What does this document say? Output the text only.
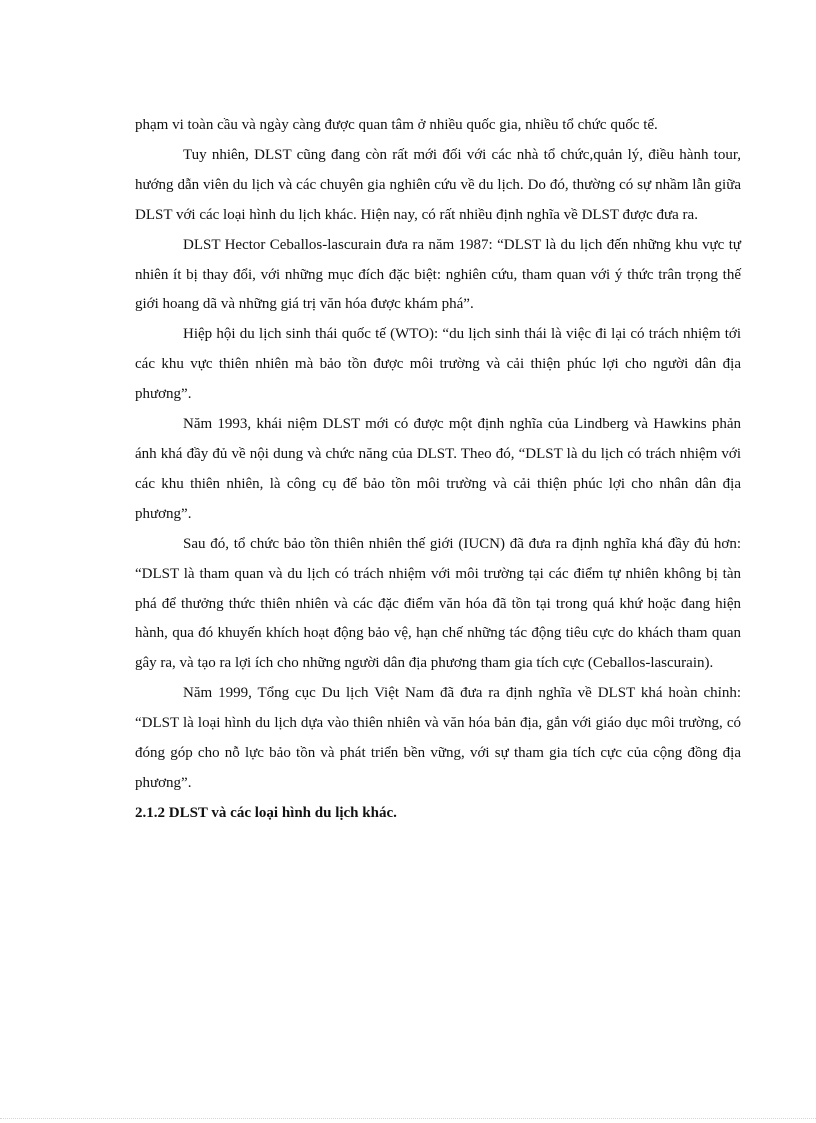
phạm vi toàn cầu và ngày càng được quan tâm ở nhiều quốc gia, nhiều tổ chức quốc tế.

Tuy nhiên, DLST cũng đang còn rất mới đối với các nhà tổ chức,quản lý, điều hành tour, hướng dẫn viên du lịch và các chuyên gia nghiên cứu về du lịch. Do đó, thường có sự nhầm lẫn giữa DLST với các loại hình du lịch khác. Hiện nay, có rất nhiều định nghĩa về DLST được đưa ra.

DLST Hector Ceballos-lascurain đưa ra năm 1987: “DLST là du lịch đến những khu vực tự nhiên ít bị thay đổi, với những mục đích đặc biệt: nghiên cứu, tham quan với ý thức trân trọng thế giới hoang dã và những giá trị văn hóa được khám phá”.

Hiệp hội du lịch sinh thái quốc tế (WTO): “du lịch sinh thái là việc đi lại có trách nhiệm tới các khu vực thiên nhiên mà bảo tồn được môi trường và cải thiện phúc lợi cho người dân địa phương”.

Năm 1993, khái niệm DLST mới có được một định nghĩa của Lindberg và Hawkins phản ánh khá đầy đủ về nội dung và chức năng của DLST. Theo đó, “DLST là du lịch có trách nhiệm với các khu thiên nhiên, là công cụ để bảo tồn môi trường và cải thiện phúc lợi cho nhân dân địa phương”.

Sau đó, tổ chức bảo tồn thiên nhiên thế giới (IUCN) đã đưa ra định nghĩa khá đầy đủ hơn: “DLST là tham quan và du lịch có trách nhiệm với môi trường tại các điểm tự nhiên không bị tàn phá để thưởng thức thiên nhiên và các đặc điểm văn hóa đã tồn tại trong quá khứ hoặc đang hiện hành, qua đó khuyến khích hoạt động bảo vệ, hạn chế những tác động tiêu cực do khách tham quan gây ra, và tạo ra lợi ích cho những người dân địa phương tham gia tích cực (Ceballos-lascurain).

Năm 1999, Tổng cục Du lịch Việt Nam đã đưa ra định nghĩa về DLST khá hoàn chỉnh: “DLST là loại hình du lịch dựa vào thiên nhiên và văn hóa bản địa, gắn với giáo dục môi trường, có đóng góp cho nỗ lực bảo tồn và phát triển bền vững, với sự tham gia tích cực của cộng đồng địa phương”.

2.1.2 DLST và các loại hình du lịch khác.
